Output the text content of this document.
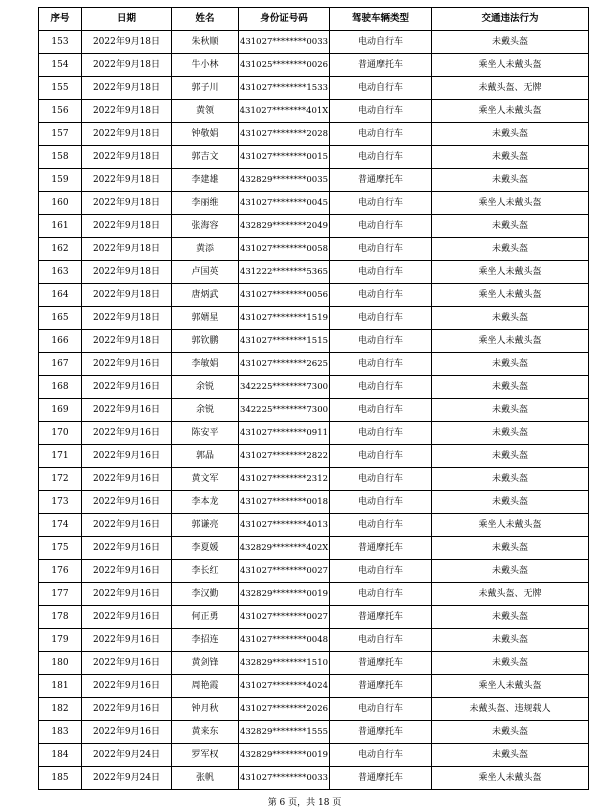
序号	日期	姓名	身份证号码	驾驶车辆类型	交通违法行为
153	2022年9月18日	朱秋顺	431027********0033	电动自行车	未戴头盔
154	2022年9月18日	牛小林	431025********0026	普通摩托车	乘坐人未戴头盔
155	2022年9月18日	郭子川	431027********1533	电动自行车	未戴头盔、无牌
156	2022年9月18日	黄领	431027********401X	电动自行车	乘坐人未戴头盔
157	2022年9月18日	钟敬娟	431027********2028	电动自行车	未戴头盔
158	2022年9月18日	郭吉文	431027********0015	电动自行车	未戴头盔
159	2022年9月18日	李建雄	432829********0035	普通摩托车	未戴头盔
160	2022年9月18日	李丽维	431027********0045	电动自行车	乘坐人未戴头盔
161	2022年9月18日	张海容	432829********2049	电动自行车	未戴头盔
162	2022年9月18日	黄添	431027********0058	电动自行车	未戴头盔
163	2022年9月18日	卢国英	431222********5365	电动自行车	乘坐人未戴头盔
164	2022年9月18日	唐炳武	431027********0056	电动自行车	乘坐人未戴头盔
165	2022年9月18日	郭婿星	431027********1519	电动自行车	未戴头盔
166	2022年9月18日	郭钦鹏	431027********1515	电动自行车	乘坐人未戴头盔
167	2022年9月16日	李敏娟	431027********2625	电动自行车	未戴头盔
168	2022年9月16日	余锐	342225********7300	电动自行车	未戴头盔
169	2022年9月16日	余锐	342225********7300	电动自行车	未戴头盔
170	2022年9月16日	陈安平	431027********0911	电动自行车	未戴头盔
171	2022年9月16日	郭晶	431027********2822	电动自行车	未戴头盔
172	2022年9月16日	黄文军	431027********2312	电动自行车	未戴头盔
173	2022年9月16日	李本龙	431027********0018	电动自行车	未戴头盔
174	2022年9月16日	郭谦亮	431027********4013	电动自行车	乘坐人未戴头盔
175	2022年9月16日	李夏媛	432829********402X	普通摩托车	未戴头盔
176	2022年9月16日	李长红	431027********0027	电动自行车	未戴头盔
177	2022年9月16日	李汉勤	432829********0019	电动自行车	未戴头盔、无牌
178	2022年9月16日	何正勇	431027********0027	普通摩托车	未戴头盔
179	2022年9月16日	李招连	431027********0048	电动自行车	未戴头盔
180	2022年9月16日	黄剑锋	432829********1510	普通摩托车	未戴头盔
181	2022年9月16日	周艳霞	431027********4024	普通摩托车	乘坐人未戴头盔
182	2022年9月16日	钟月秋	431027********2026	电动自行车	未戴头盔、违规载人
183	2022年9月16日	黄来东	432829********1555	普通摩托车	未戴头盔
184	2022年9月24日	罗军权	432829********0019	电动自行车	未戴头盔
185	2022年9月24日	张帆	431027********0033	普通摩托车	乘坐人未戴头盔
第 6 页，共 18 页
